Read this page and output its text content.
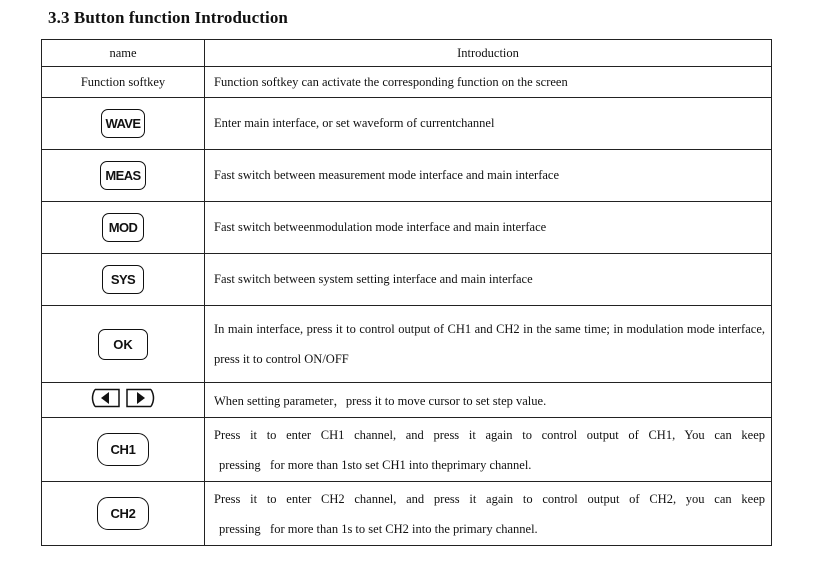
3.3 Button function Introduction
name	Introduction
Function softkey	Function softkey can activate the corresponding function on the screen
WAVE	Enter main interface, or set waveform of currentchannel
MEAS	Fast switch between measurement mode interface and main interface
MOD	Fast switch betweenmodulation mode interface and main interface
SYS	Fast switch between system setting interface and main interface
OK	In main interface, press it to control output of CH1 and CH2 in the same time; in modulation mode interface, press it to control ON/OFF

	When setting parameter，press it to move cursor to set step value.
CH1	Press it to enter CH1 channel, and press it again to control output of CH1, You can keep
pressing   for more than 1sto set CH1 into theprimary channel.

CH2	Press it to enter CH2 channel, and press it again to control output of CH2, you can keep
pressing   for more than 1s to set CH2 into the primary channel.
